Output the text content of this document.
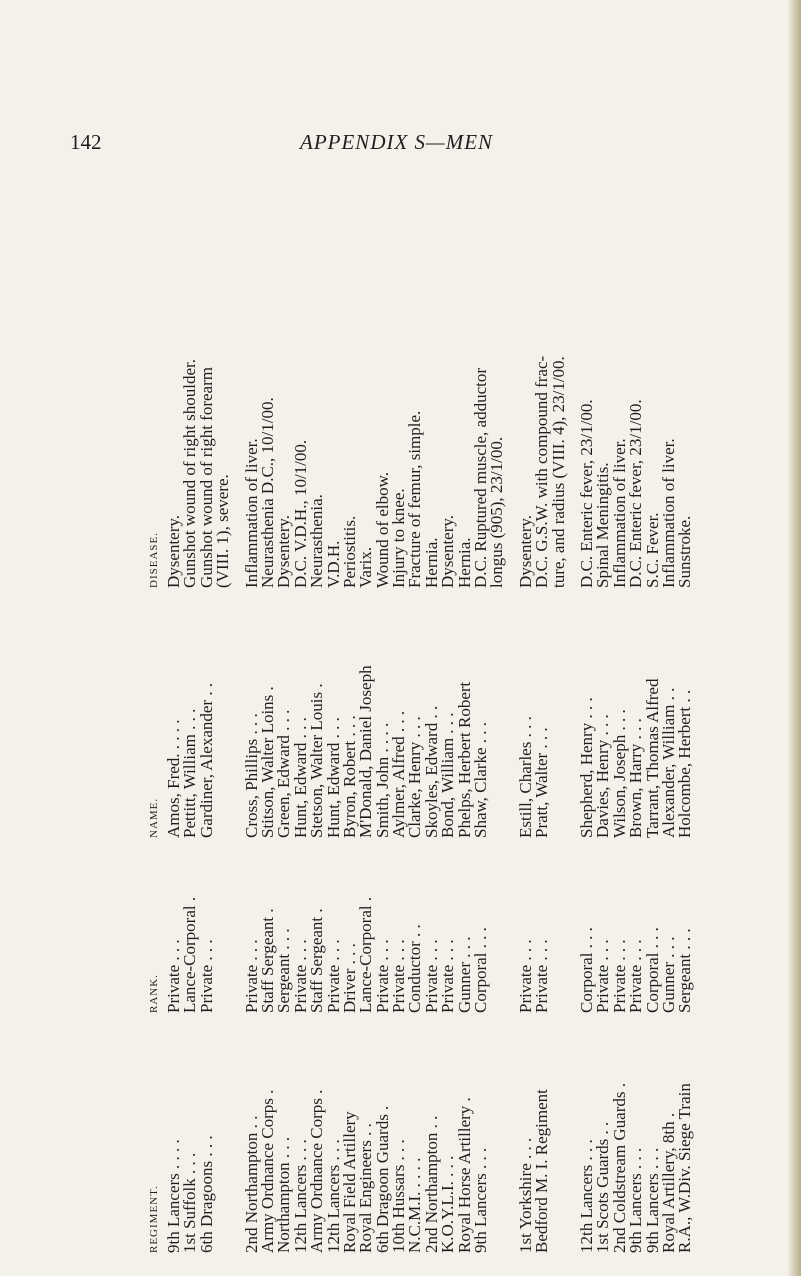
142	APPENDIX S—MEN
REGIMENT.
RANK.
NAME.
DISEASE.
9th Lancers . . . .
Private . . .
Amos, Fred. . . . .
Dysentery.
1st Suffolk . . .
Lance-Corporal .
Pettitt, William . . .
Gunshot wound of right shoulder.
6th Dragoons . . .
Private . . .
Gardiner, Alexander . .
Gunshot wound of right forearm
(VIII. 1), severe.
2nd Northampton . .
Private . . .
Cross, Phillips . . .
Inflammation of liver.
Army Ordnance Corps .
Staff Sergeant .
Stitson, Walter Loins .
Neurasthenia D.C., 10/1/00.
Northampton . . .
Sergeant . . .
Green, Edward . . .
Dysentery.
12th Lancers . . .
Private . . .
Hunt, Edward . . .
D.C. V.D.H., 10/1/00.
Army Ordnance Corps .
Staff Sergeant .
Stetson, Walter Louis .
Neurasthenia.
12th Lancers . . .
Private . . .
Hunt, Edward . . .
V.D.H.
Royal Field Artillery
Driver . . .
Byron, Robert . . .
Periostitis.
Royal Engineers . .
Lance-Corporal .
M'Donald, Daniel Joseph
Varix.
6th Dragoon Guards .
Private . . .
Smith, John . . . .
Wound of elbow.
10th Hussars . . .
Private . . .
Aylmer, Alfred . . .
Injury to knee.
N.C.M.I. . . . .
Conductor . .
Clarke, Henry . . .
Fracture of femur, simple.
2nd Northampton . .
Private . . .
Skoyles, Edward . .
Hernia.
K.O.Y.L.I. . . .
Private . . .
Bond, William . . .
Dysentery.
Royal Horse Artillery .
Gunner . . .
Phelps, Herbert Robert
Hernia.
9th Lancers . . .
Corporal . . .
Shaw, Clarke . . .
D.C. Ruptured muscle, adductor
longus (905), 23/1/00.
1st Yorkshire . . .
Private . . .
Estill, Charles . . .
Dysentery.
Bedford M. I. Regiment
Private . . .
Pratt, Walter . . .
D.C. G.S.W. with compound frac-
ture, and radius (VIII. 4), 23/1/00.
12th Lancers . . .
Corporal . . .
Shepherd, Henry . . .
D.C. Enteric fever, 23/1/00.
1st Scots Guards . .
Private . . .
Davies, Henry . . .
Spinal Meningitis.
2nd Coldstream Guards .
Private . . .
Wilson, Joseph . . .
Inflammation of liver.
9th Lancers . . .
Private . . .
Brown, Harry . . .
D.C. Enteric fever, 23/1/00.
9th Lancers . . .
Corporal . . .
Tarrant, Thomas Alfred
S.C. Fever.
Royal Artillery, 8th .
Gunner . . .
Alexander, William . .
Inflammation of liver.
R.A., W.Div. Siege Train
Sergeant . . .
Holcombe, Herbert . .
Sunstroke.
